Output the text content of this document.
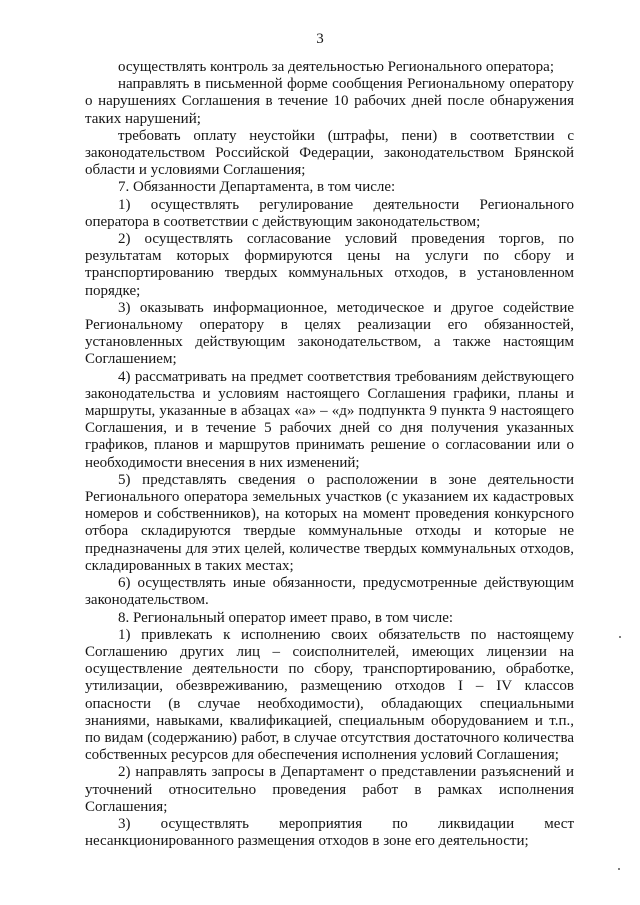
3

осуществлять контроль за деятельностью Регионального оператора;

направлять в письменной форме сообщения Региональному оператору о нарушениях Соглашения в течение 10 рабочих дней после обнаружения таких нарушений;

требовать оплату неустойки (штрафы, пени) в соответствии с законодательством Российской Федерации, законодательством Брянской области и условиями Соглашения;

7. Обязанности Департамента, в том числе:

1) осуществлять регулирование деятельности Регионального оператора в соответствии с действующим законодательством;

2) осуществлять согласование условий проведения торгов, по результатам которых формируются цены на услуги по сбору и транспортированию твердых коммунальных отходов, в установленном порядке;

3) оказывать информационное, методическое и другое содействие Региональному оператору в целях реализации его обязанностей, установленных действующим законодательством, а также настоящим Соглашением;

4) рассматривать на предмет соответствия требованиям действующего законодательства и условиям настоящего Соглашения графики, планы и маршруты, указанные в абзацах «а» – «д» подпункта 9 пункта 9 настоящего Соглашения, и в течение 5 рабочих дней со дня получения указанных графиков, планов и маршрутов принимать решение о согласовании или о необходимости внесения в них изменений;

5) представлять сведения о расположении в зоне деятельности Регионального оператора земельных участков (с указанием их кадастровых номеров и собственников), на которых на момент проведения конкурсного отбора складируются твердые коммунальные отходы и которые не предназначены для этих целей, количестве твердых коммунальных отходов, складированных в таких местах;

6) осуществлять иные обязанности, предусмотренные действующим законодательством.

8. Региональный оператор имеет право, в том числе:

1) привлекать к исполнению своих обязательств по настоящему Соглашению других лиц – соисполнителей, имеющих лицензии на осуществление деятельности по сбору, транспортированию, обработке, утилизации, обезвреживанию, размещению отходов I – IV классов опасности (в случае необходимости), обладающих специальными знаниями, навыками, квалификацией, специальным оборудованием и т.п., по видам (содержанию) работ, в случае отсутствия достаточного количества собственных ресурсов для обеспечения исполнения условий Соглашения;

2) направлять запросы в Департамент о представлении разъяснений и уточнений относительно проведения работ в рамках исполнения Соглашения;

3) осуществлять мероприятия по ликвидации мест несанкционированного размещения отходов в зоне его деятельности;
